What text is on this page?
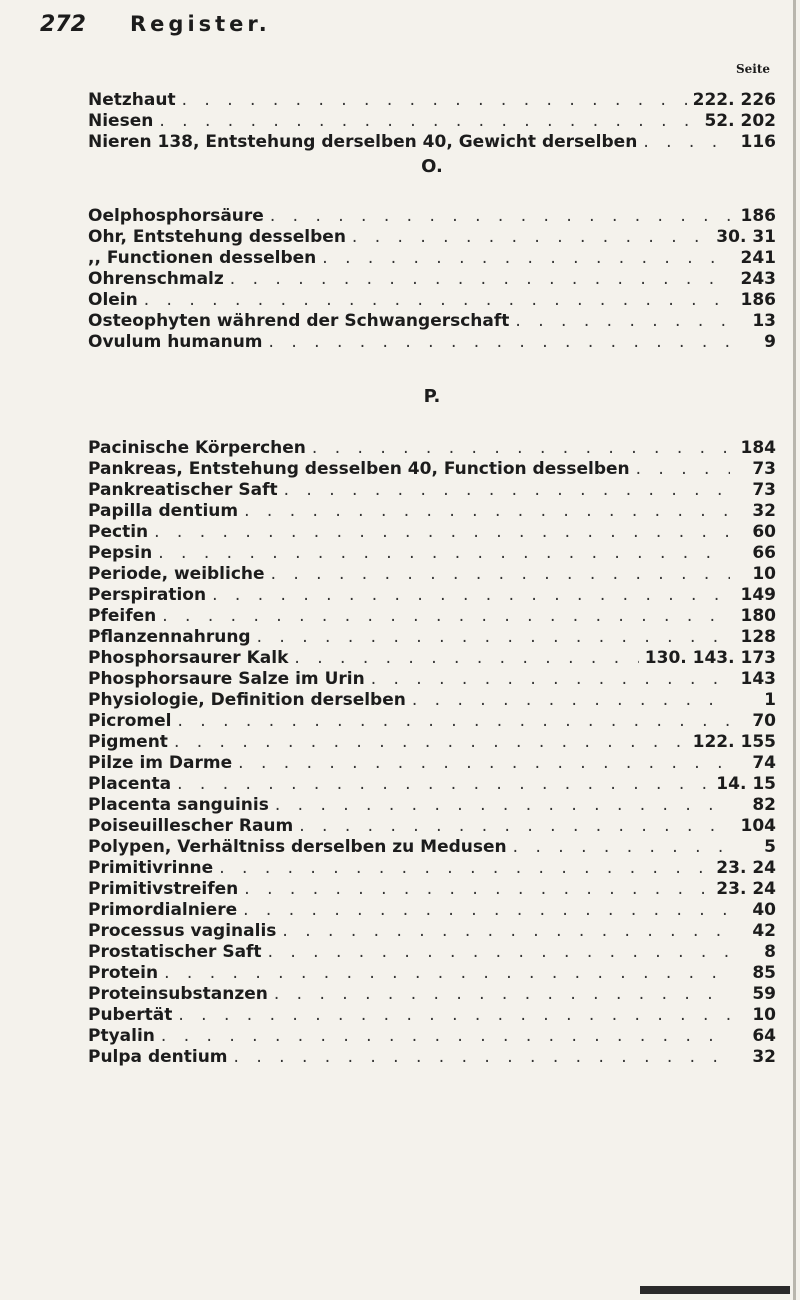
272	Register.
Seite
Netzhaut . . .	222. 226
Niesen . . .	52. 202
Nieren 138, Entstehung derselben 40, Gewicht derselben . . .	116
O.
Oelphosphorsäure . . .	186
Ohr, Entstehung desselben . . .	30. 31
,, Functionen desselben . . .	241
Ohrenschmalz . . .	243
Olein . . .	186
Osteophyten während der Schwangerschaft . . .	13
Ovulum humanum . . .	9
P.
Pacinische Körperchen . . .	184
Pankreas, Entstehung desselben 40, Function desselben . . .	73
Pankreatischer Saft . . .	73
Papilla dentium . . .	32
Pectin . . .	60
Pepsin . . .	66
Periode, weibliche . . .	10
Perspiration . . .	149
Pfeifen . . .	180
Pflanzennahrung . . .	128
Phosphorsaurer Kalk . . .	130. 143. 173
Phosphorsaure Salze im Urin . . .	143
Physiologie, Definition derselben . . .	1
Picromel . . .	70
Pigment . . .	122. 155
Pilze im Darme . . .	74
Placenta . . .	14. 15
Placenta sanguinis . . .	82
Poiseuillescher Raum . . .	104
Polypen, Verhältniss derselben zu Medusen . . .	5
Primitivrinne . . .	23. 24
Primitivstreifen . . .	23. 24
Primordialniere . . .	40
Processus vaginalis . . .	42
Prostatischer Saft . . .	8
Protein . . .	85
Proteinsubstanzen . . .	59
Pubertät . . .	10
Ptyalin . . .	64
Pulpa dentium . . .	32
